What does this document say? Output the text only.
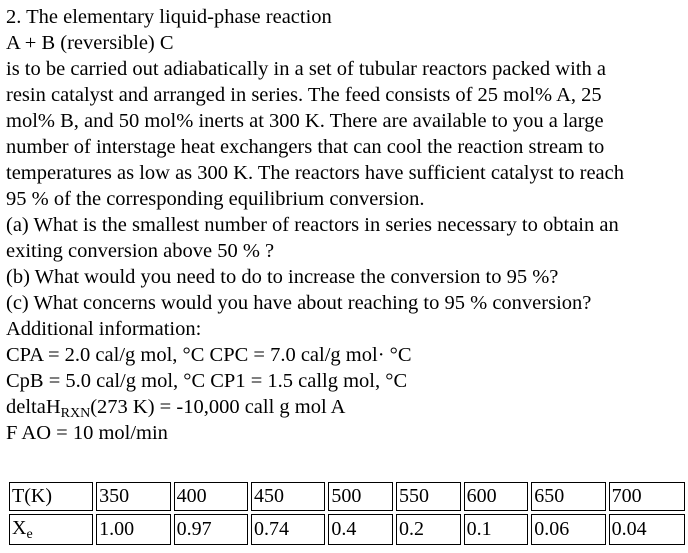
2. The elementary liquid-phase reaction
A + B (reversible) C
is to be carried out adiabatically in a set of tubular reactors packed with a
resin catalyst and arranged in series. The feed consists of 25 mol% A, 25
mol% B, and 50 mol% inerts at 300 K. There are available to you a large
number of interstage heat exchangers that can cool the reaction stream to
temperatures as low as 300 K. The reactors have sufficient catalyst to reach
95 % of the corresponding equilibrium conversion.
(a) What is the smallest number of reactors in series necessary to obtain an
exiting conversion above 50 % ?
(b) What would you need to do to increase the conversion to 95 %?
(c) What concerns would you have about reaching to 95 % conversion?
Additional information:
CPA = 2.0 cal/g mol, °C CPC = 7.0 cal/g mol· °C
CpB = 5.0 cal/g mol, °C CP1 = 1.5 callg mol, °C
deltaHRXN(273 K) = -10,000 call g mol A
F AO = 10 mol/min
T(K)	350	400	450	500	550	600	650	700
$X_e$	1.00	0.97	0.74	0.4	0.2	0.1	0.06	0.04
